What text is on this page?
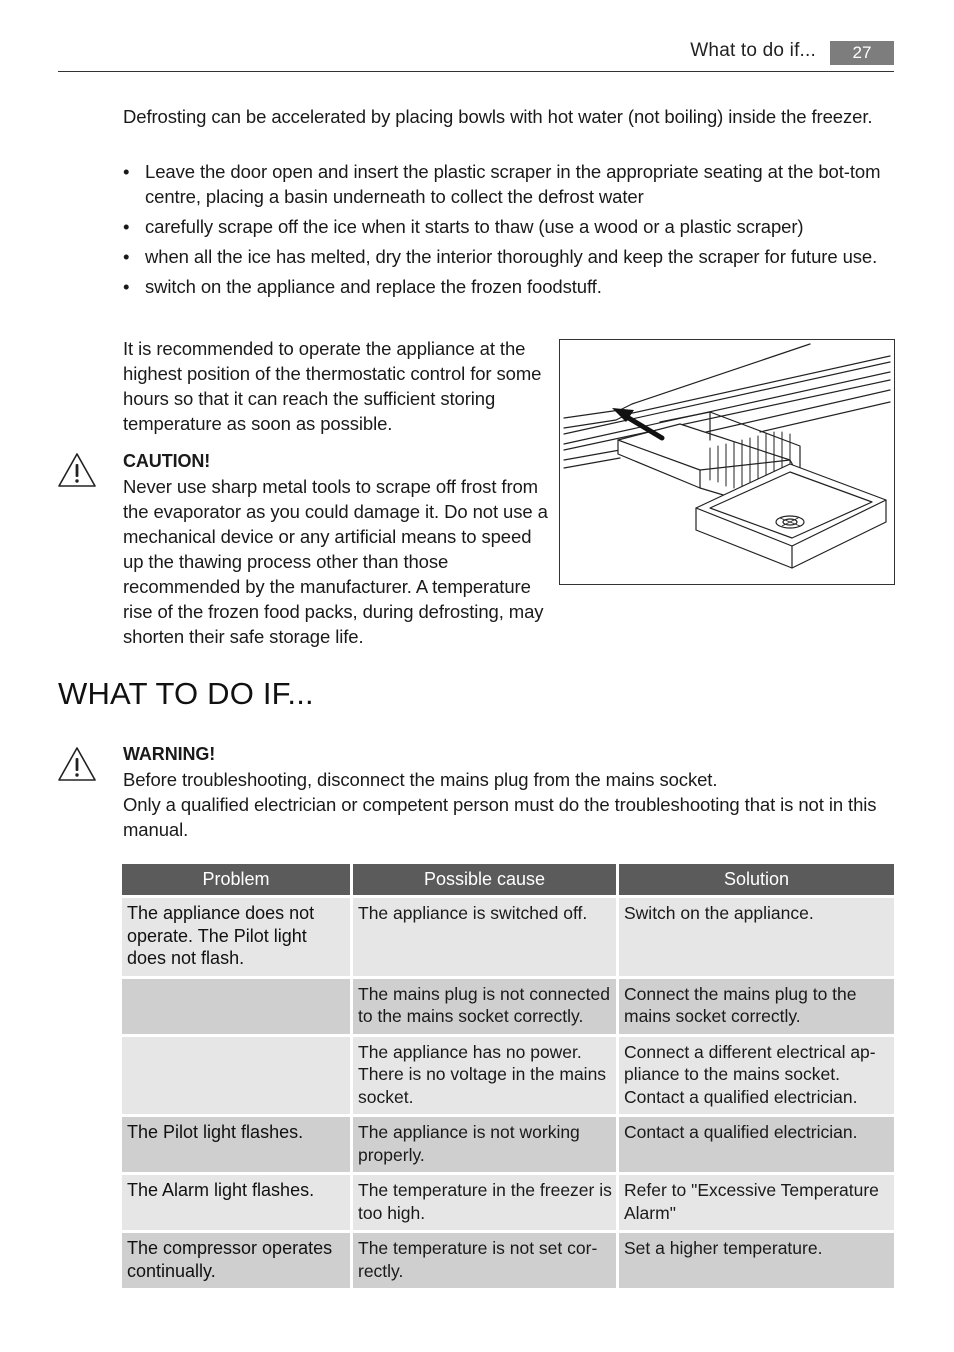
What to do if...	27

Defrosting can be accelerated by placing bowls with hot water (not boiling) inside the freezer.

• Leave the door open and insert the plastic scraper in the appropriate seating at the bot-tom centre, placing a basin underneath to collect the defrost water
• carefully scrape off the ice when it starts to thaw (use a wood or a plastic scraper)
• when all the ice has melted, dry the interior thoroughly and keep the scraper for future use.
• switch on the appliance and replace the frozen foodstuff.

It is recommended to operate the appliance at the highest position of the thermostatic control for some hours so that it can reach the sufficient storing temperature as soon as possible.

CAUTION!
Never use sharp metal tools to scrape off frost from the evaporator as you could damage it. Do not use a mechanical device or any artificial means to speed up the thawing process other than those recommended by the manufacturer. A temperature rise of the frozen food packs, during defrosting, may shorten their safe storage life.
WHAT TO DO IF...
WARNING!
Before troubleshooting, disconnect the mains plug from the mains socket.
Only a qualified electrician or competent person must do the troubleshooting that is not in this manual.
Problem	Possible cause	Solution
The appliance does not operate. The Pilot light does not flash.	The appliance is switched off.	Switch on the appliance.
	The mains plug is not connected to the mains socket correctly.	Connect the mains plug to the mains socket correctly.
	The appliance has no power. There is no voltage in the mains socket.	Connect a different electrical ap-pliance to the mains socket. Contact a qualified electrician.
The Pilot light flashes.	The appliance is not working properly.	Contact a qualified electrician.
The Alarm light flashes.	The temperature in the freezer is too high.	Refer to "Excessive Temperature Alarm"
The compressor operates continually.	The temperature is not set cor-rectly.	Set a higher temperature.
